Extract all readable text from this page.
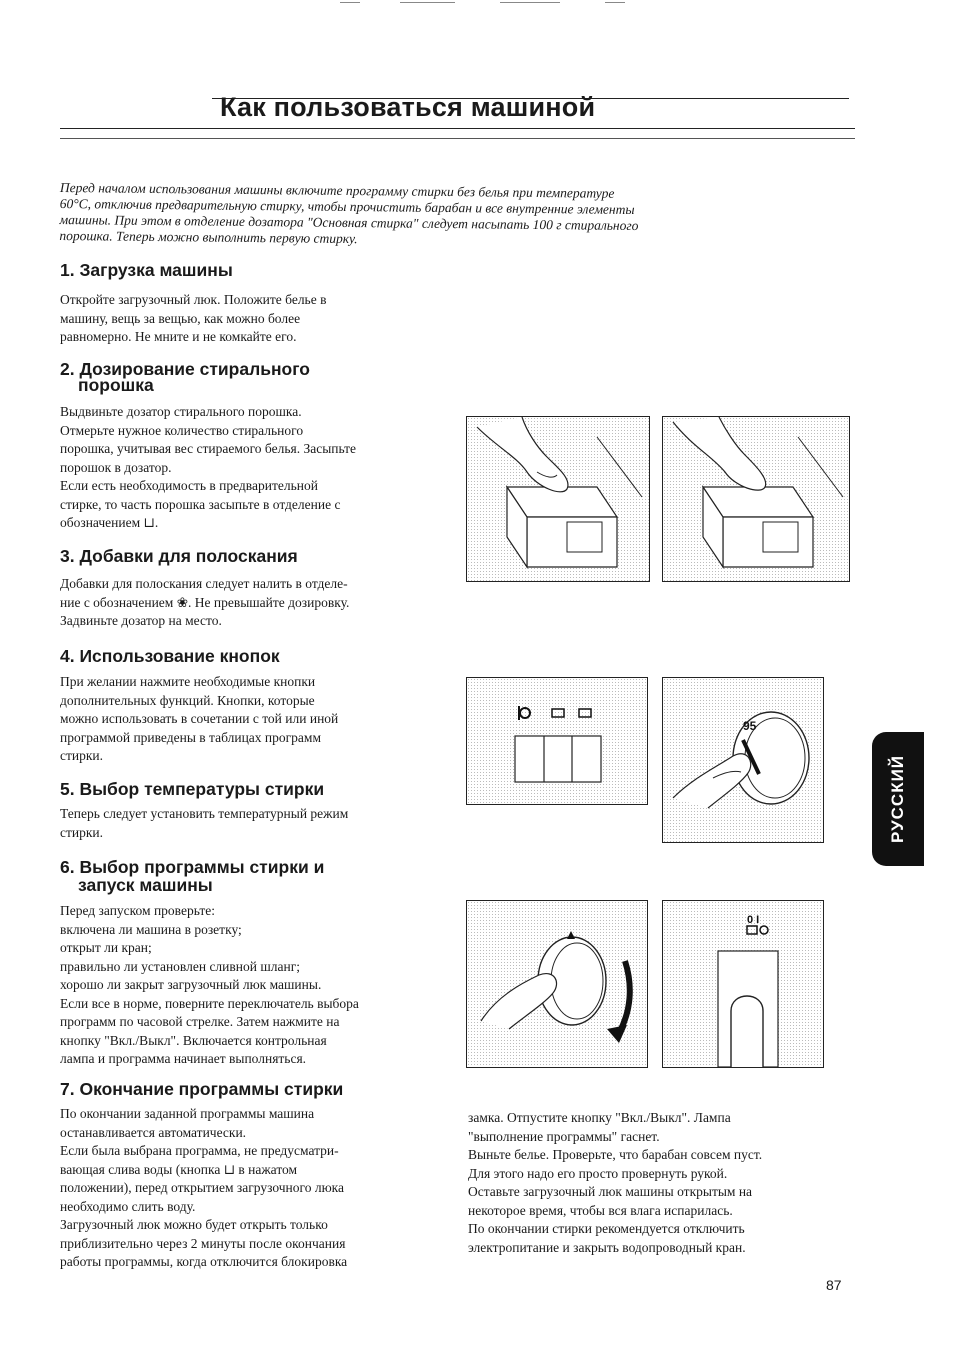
Как пользоваться машиной
Перед началом использования машины включите программу стирки без белья при температуре
60°С, отключив предварительную стирку, чтобы прочистить барабан и все внутренние элементы
машины. При этом в отделение дозатора "Основная стирка" следует насыпать 100 г стирального
порошка. Теперь можно выполнить первую стирку.
1. Загрузка машины
Откройте загрузочный люк. Положите белье в
машину, вещь за вещью, как можно более
равномерно. Не мните и не комкайте его.
2. Дозирование стирального
порошка
Выдвиньте дозатор стирального порошка.
Отмерьте нужное количество стирального
порошка, учитывая вес стираемого белья. Засыпьте
порошок в дозатор.
Если есть необходимость в предварительной
стирке, то часть порошка засыпьте в отделение с
обозначением ⊔.
3. Добавки для полоскания
Добавки для полоскания следует налить в отделе-
ние с обозначением ❀. Не превышайте дозировку.
Задвиньте дозатор на место.
4. Использование кнопок
При желании нажмите необходимые кнопки
дополнительных функций. Кнопки, которые
можно использовать в сочетании с той или иной
программой приведены в таблицах программ
стирки.
5. Выбор температуры стирки
Теперь следует установить температурный режим
стирки.
6. Выбор программы стирки и
запуск машины
Перед запуском проверьте:
включена ли машина в розетку;
открыт ли кран;
правильно ли установлен сливной шланг;
хорошо ли закрыт загрузочный люк машины.
Если все в норме, поверните переключатель выбора
программ по часовой стрелке. Затем нажмите на
кнопку "Вкл./Выкл". Включается контрольная
лампа и программа начинает выполняться.
7. Окончание программы стирки
По окончании заданной программы машина
останавливается автоматически.
Если была выбрана программа, не предусматри-
вающая слива воды (кнопка ⊔ в нажатом
положении), перед открытием загрузочного люка
необходимо слить воду.
Загрузочный люк можно будет открыть только
приблизительно через 2 минуты после окончания
работы программы, когда отключится блокировка
замка. Отпустите кнопку "Вкл./Выкл". Лампа
"выполнение программы" гаснет.
Выньте белье. Проверьте, что барабан совсем пуст.
Для этого надо его просто провернуть рукой.
Оставьте загрузочный люк машины открытым на
некоторое время, чтобы вся влага испарилась.
По окончании стирки рекомендуется отключить
электропитание и закрыть водопроводный кран.
95
0 I
РУССКИЙ
87
